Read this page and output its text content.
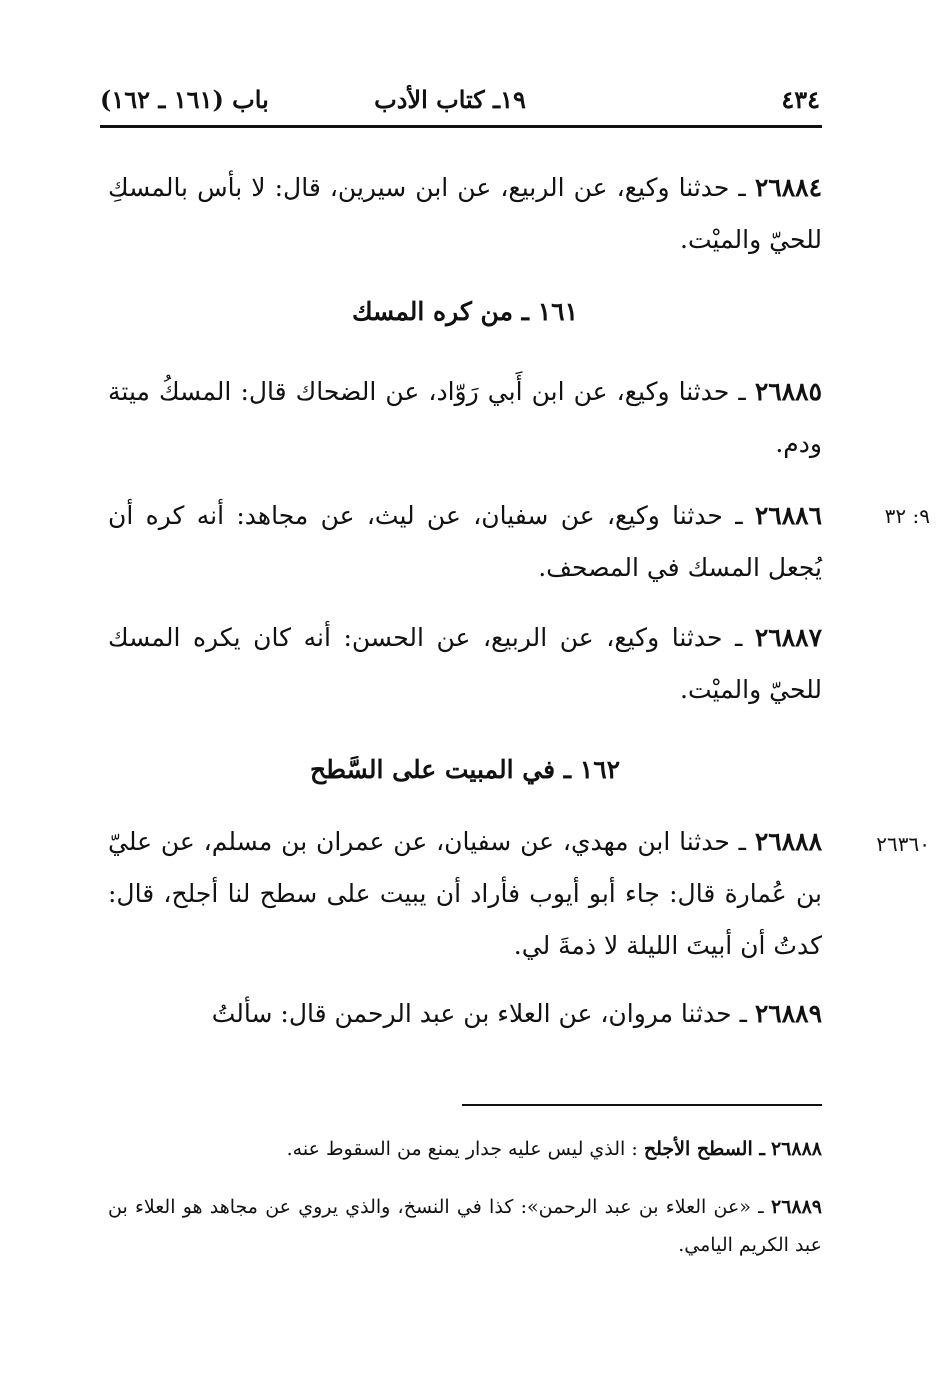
٤٣٤
١٩ـ كتاب الأدب
باب (١٦١ ـ ١٦٢)
٢٦٨٨٤ ـ حدثنا وكيع، عن الربيع، عن ابن سيرين، قال: لا بأس بالمسكِ للحيّ والميْت.
١٦١ ـ من كره المسك
٢٦٨٨٥ ـ حدثنا وكيع، عن ابن أَبي رَوّاد، عن الضحاك قال: المسكُ ميتة ودم.
٩: ٣٢
٢٦٨٨٦ ـ حدثنا وكيع، عن سفيان، عن ليث، عن مجاهد: أنه كره أن يُجعل المسك في المصحف.
٢٦٨٨٧ ـ حدثنا وكيع، عن الربيع، عن الحسن: أنه كان يكره المسك للحيّ والميْت.
١٦٢ ـ في المبيت على السَّطح
٢٦٣٦٠
٢٦٨٨٨ ـ حدثنا ابن مهدي، عن سفيان، عن عمران بن مسلم، عن عليّ بن عُمارة قال: جاء أبو أيوب فأراد أن يبيت على سطح لنا أجلح، قال: كدتُ أن أبيتَ الليلة لا ذمةَ لي.
٢٦٨٨٩ ـ حدثنا مروان، عن العلاء بن عبد الرحمن قال: سألتُ
٢٦٨٨٨ ـ السطح الأجلح : الذي ليس عليه جدار يمنع من السقوط عنه.
٢٦٨٨٩ ـ «عن العلاء بن عبد الرحمن»: كذا في النسخ، والذي يروي عن مجاهد هو العلاء بن عبد الكريم اليامي.
